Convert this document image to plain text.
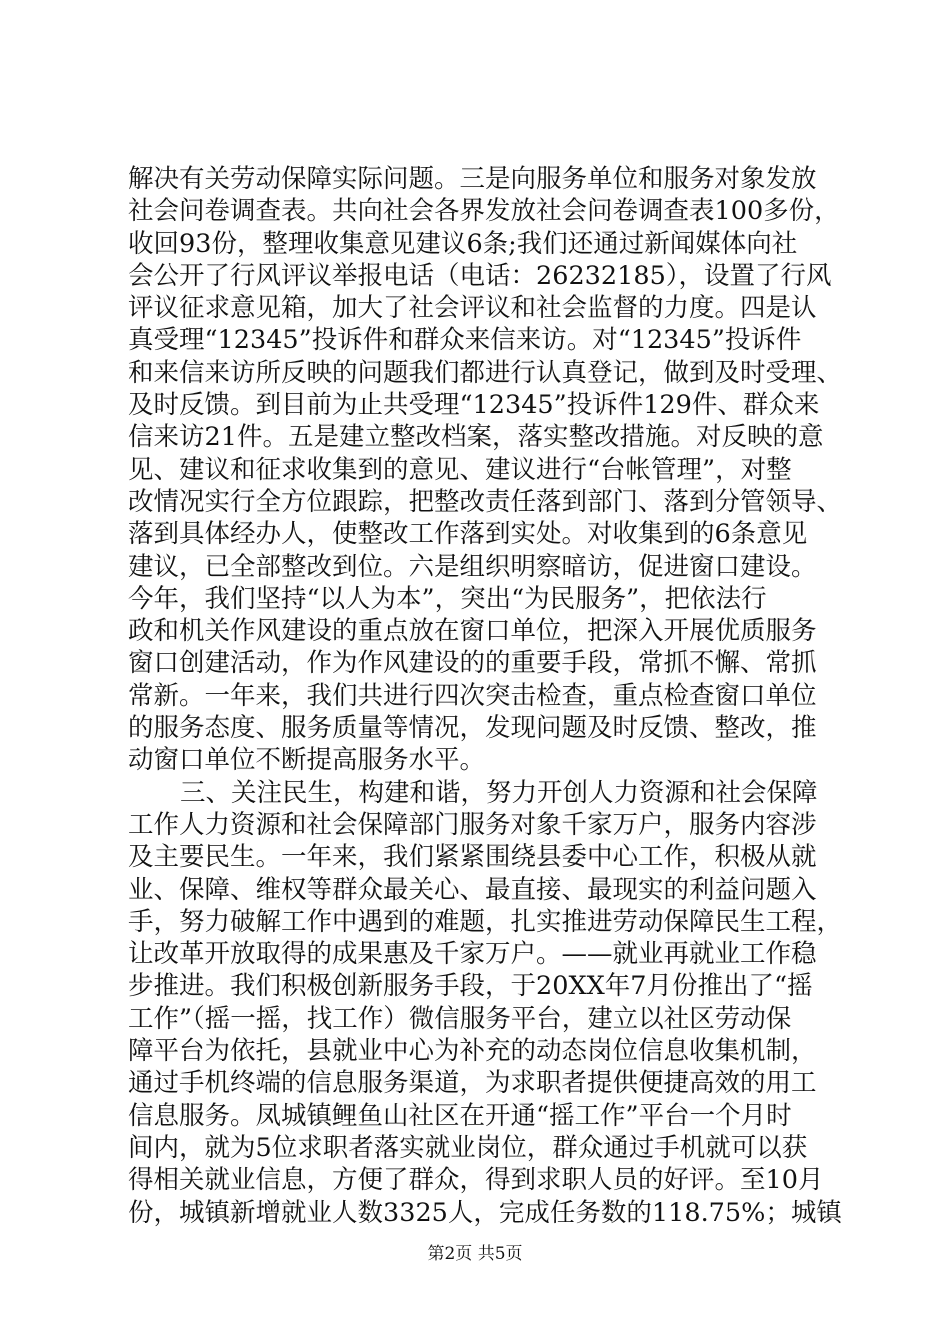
解决有关劳动保障实际问题。三是向服务单位和服务对象发放
社会问卷调查表。共向社会各界发放社会问卷调查表100多份，
收回93份，整理收集意见建议6条;我们还通过新闻媒体向社
会公开了行风评议举报电话（电话：26232185），设置了行风
评议征求意见箱，加大了社会评议和社会监督的力度。四是认
真受理“12345”投诉件和群众来信来访。对“12345”投诉件
和来信来访所反映的问题我们都进行认真登记，做到及时受理、
及时反馈。到目前为止共受理“12345”投诉件129件、群众来
信来访21件。五是建立整改档案，落实整改措施。对反映的意
见、建议和征求收集到的意见、建议进行“台帐管理”，对整
改情况实行全方位跟踪，把整改责任落到部门、落到分管领导、
落到具体经办人，使整改工作落到实处。对收集到的6条意见
建议，已全部整改到位。六是组织明察暗访，促进窗口建设。
今年，我们坚持“以人为本”，突出“为民服务”，把依法行
政和机关作风建设的重点放在窗口单位，把深入开展优质服务
窗口创建活动，作为作风建设的的重要手段，常抓不懈、常抓
常新。一年来，我们共进行四次突击检查，重点检查窗口单位
的服务态度、服务质量等情况，发现问题及时反馈、整改，推
动窗口单位不断提高服务水平。
三、关注民生，构建和谐，努力开创人力资源和社会保障
工作人力资源和社会保障部门服务对象千家万户，服务内容涉
及主要民生。一年来，我们紧紧围绕县委中心工作，积极从就
业、保障、维权等群众最关心、最直接、最现实的利益问题入
手，努力破解工作中遇到的难题，扎实推进劳动保障民生工程，
让改革开放取得的成果惠及千家万户。——就业再就业工作稳
步推进。我们积极创新服务手段，于20XX年7月份推出了“摇
工作”（摇一摇，找工作）微信服务平台，建立以社区劳动保
障平台为依托，县就业中心为补充的动态岗位信息收集机制，
通过手机终端的信息服务渠道，为求职者提供便捷高效的用工
信息服务。凤城镇鲤鱼山社区在开通“摇工作”平台一个月时
间内，就为5位求职者落实就业岗位，群众通过手机就可以获
得相关就业信息，方便了群众，得到求职人员的好评。至10月
份，城镇新增就业人数3325人，完成任务数的118.75%；城镇
第2页 共5页
